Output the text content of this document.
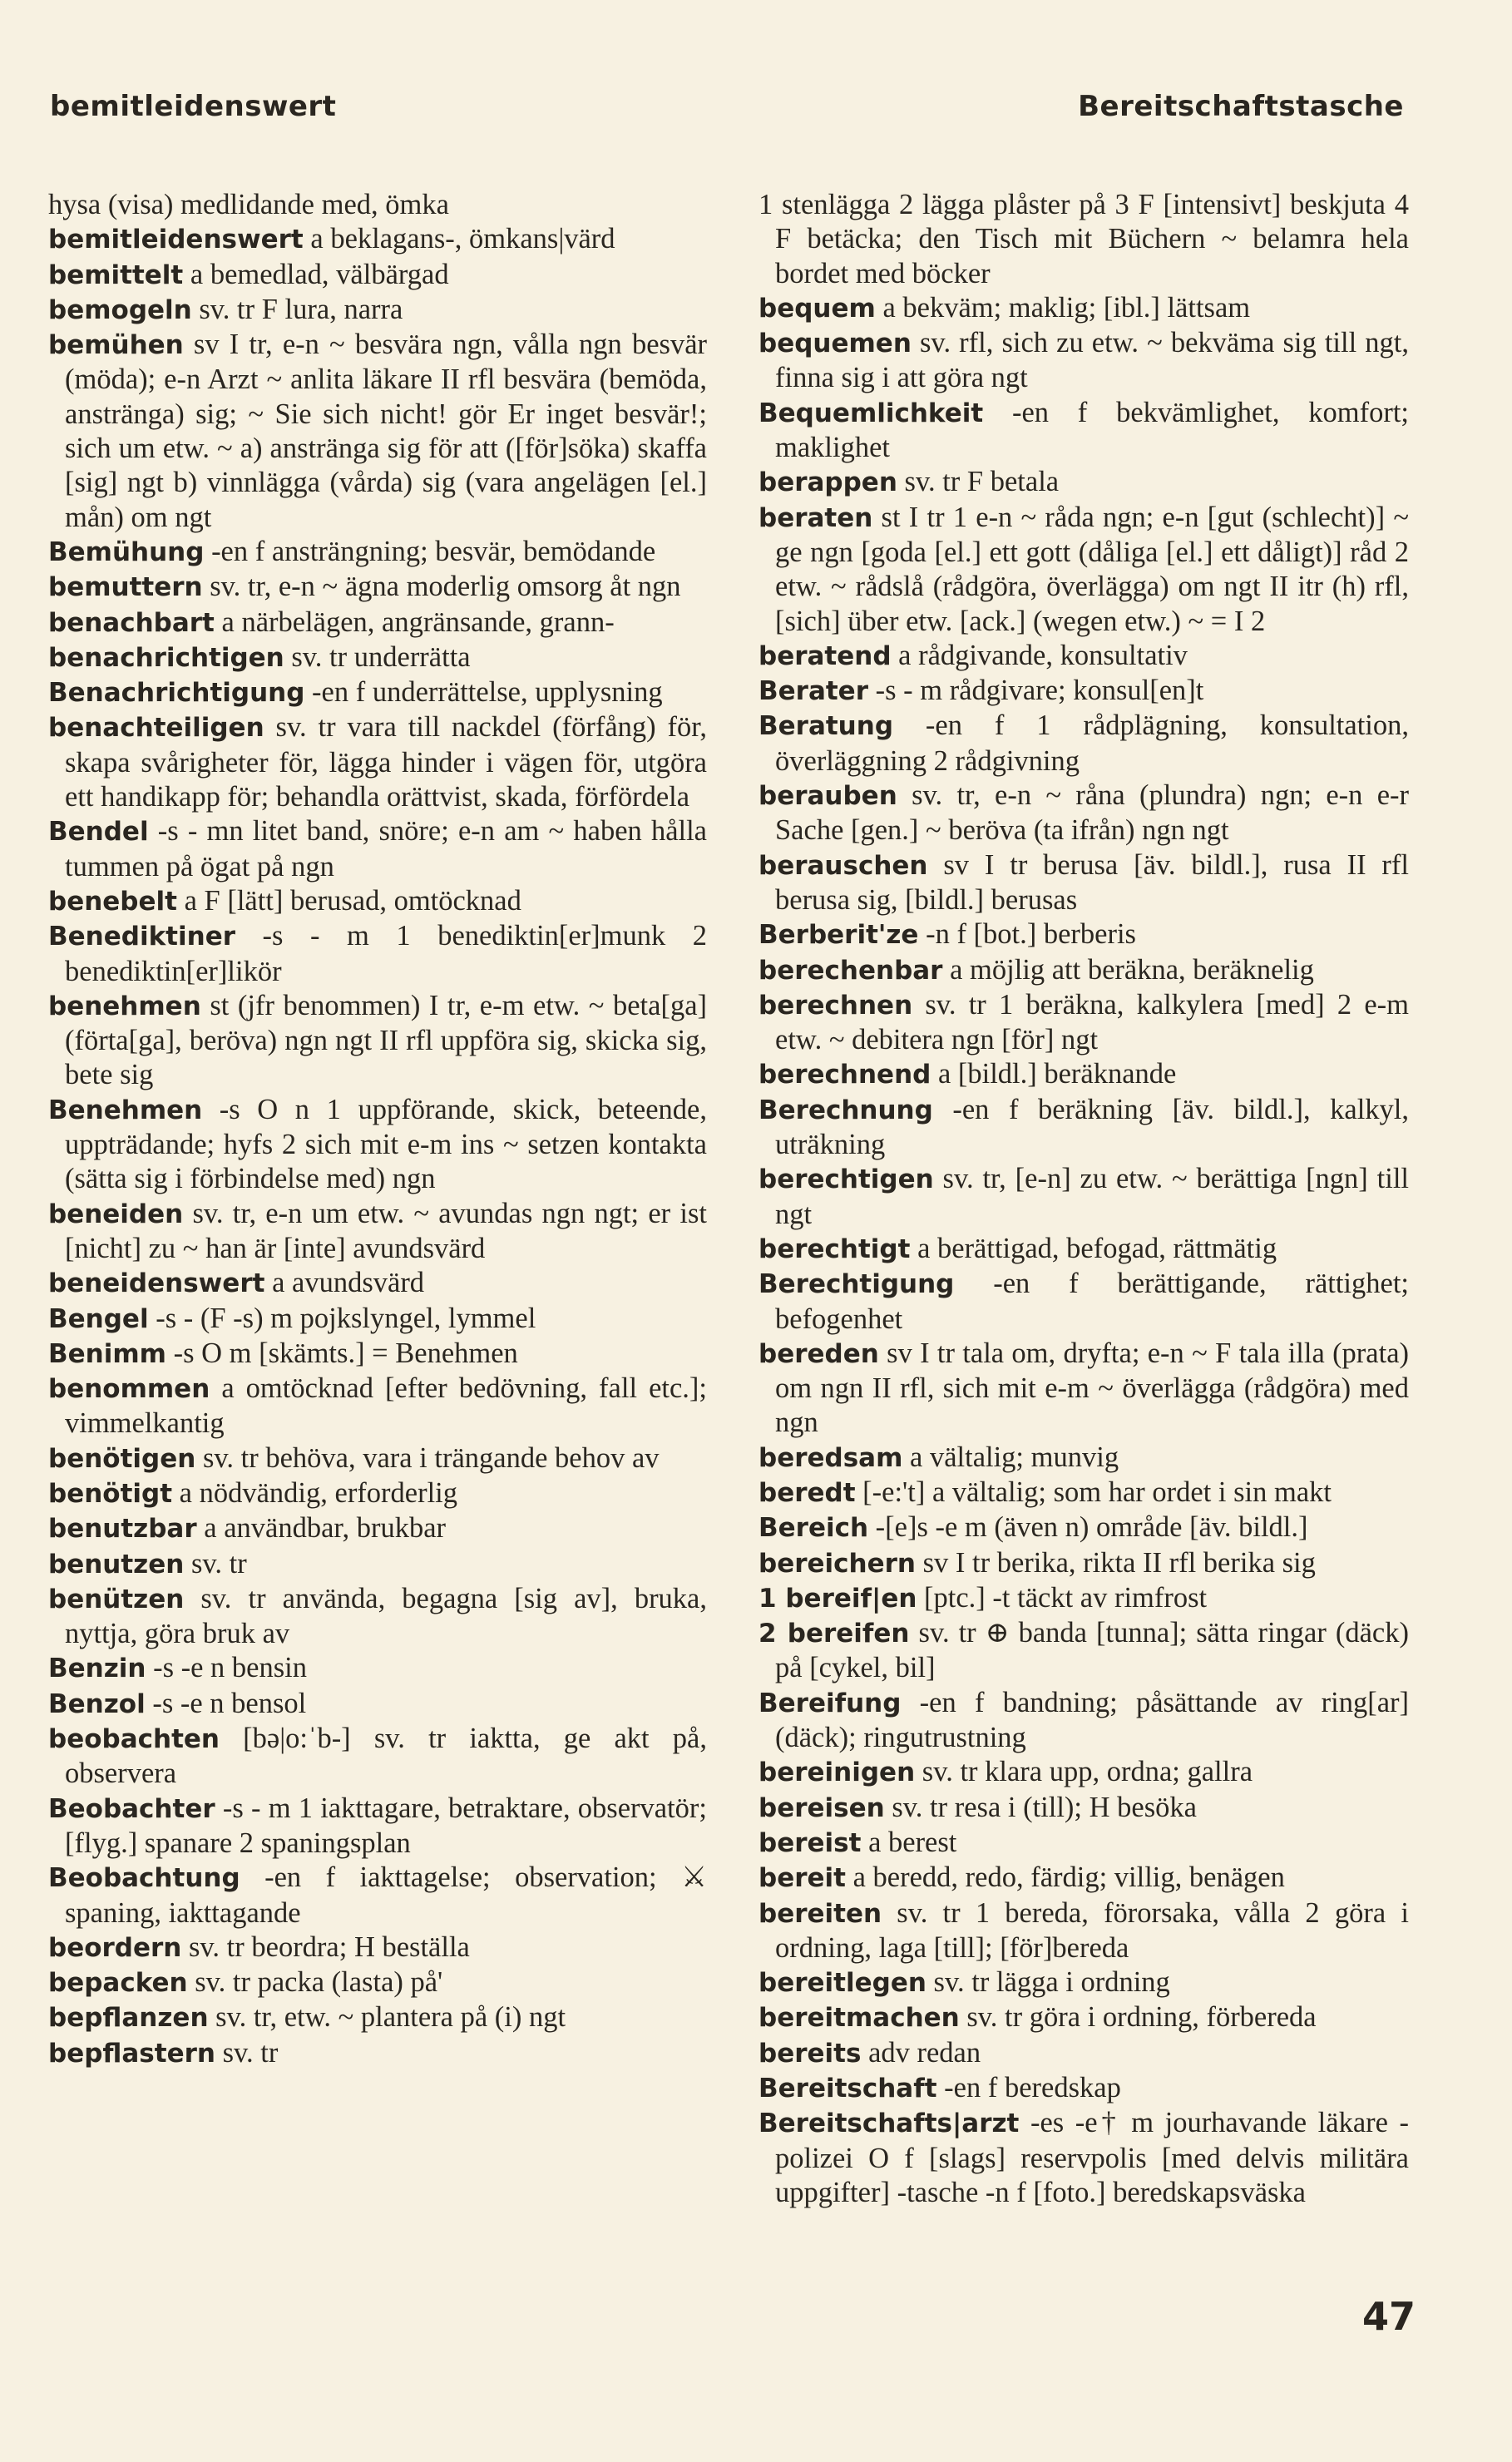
bemitleidenswert	Bereitschaftstasche

hysa (visa) medlidande med, ömka

bemitleidenswert a beklagans-, ömkans|värd

bemittelt a bemedlad, välbärgad

bemogeln sv. tr F lura, narra

bemühen sv I tr, e-n ~ besvära ngn, vålla ngn besvär (möda); e-n Arzt ~ anlita läkare II rfl besvära (bemöda, anstränga) sig; ~ Sie sich nicht! gör Er inget besvär!; sich um etw. ~ a) anstränga sig för att ([för]söka) skaffa [sig] ngt b) vinnlägga (vårda) sig (vara angelägen [el.] mån) om ngt

Bemühung -en f ansträngning; besvär, bemödande

bemuttern sv. tr, e-n ~ ägna moderlig omsorg åt ngn

benachbart a närbelägen, angränsande, grann-

benachrichtigen sv. tr underrätta

Benachrichtigung -en f underrättelse, upplysning

benachteiligen sv. tr vara till nackdel (förfång) för, skapa svårigheter för, lägga hinder i vägen för, utgöra ett handikapp för; behandla orättvist, skada, förfördela

Bendel -s - mn litet band, snöre; e-n am ~ haben hålla tummen på ögat på ngn

benebelt a F [lätt] berusad, omtöcknad

Benediktiner -s - m 1 benediktin[er]munk 2 benediktin[er]likör

benehmen st (jfr benommen) I tr, e-m etw. ~ beta[ga] (förta[ga], beröva) ngn ngt II rfl uppföra sig, skicka sig, bete sig

Benehmen -s O n 1 uppförande, skick, beteende, uppträdande; hyfs 2 sich mit e-m ins ~ setzen kontakta (sätta sig i förbindelse med) ngn

beneiden sv. tr, e-n um etw. ~ avundas ngn ngt; er ist [nicht] zu ~ han är [inte] avundsvärd

beneidenswert a avundsvärd

Bengel -s - (F -s) m pojkslyngel, lymmel

Benimm -s O m [skämts.] = Benehmen

benommen a omtöcknad [efter bedövning, fall etc.]; vimmelkantig

benötigen sv. tr behöva, vara i trängande behov av

benötigt a nödvändig, erforderlig

benutzbar a användbar, brukbar

benutzen sv. tr

benützen sv. tr använda, begagna [sig av], bruka, nyttja, göra bruk av

Benzin -s -e n bensin

Benzol -s -e n bensol

beobachten [bə|o:ˈb-] sv. tr iaktta, ge akt på, observera

Beobachter -s - m 1 iakttagare, betraktare, observatör; [flyg.] spanare 2 spaningsplan

Beobachtung -en f iakttagelse; observation; ⚔ spaning, iakttagande

beordern sv. tr beordra; H beställa

bepacken sv. tr packa (lasta) på'

bepflanzen sv. tr, etw. ~ plantera på (i) ngt

bepflastern sv. tr

1 stenlägga 2 lägga plåster på 3 F [intensivt] beskjuta 4 F betäcka; den Tisch mit Büchern ~ belamra hela bordet med böcker

bequem a bekväm; maklig; [ibl.] lättsam

bequemen sv. rfl, sich zu etw. ~ bekväma sig till ngt, finna sig i att göra ngt

Bequemlichkeit -en f bekvämlighet, komfort; maklighet

berappen sv. tr F betala

beraten st I tr 1 e-n ~ råda ngn; e-n [gut (schlecht)] ~ ge ngn [goda [el.] ett gott (dåliga [el.] ett dåligt)] råd 2 etw. ~ rådslå (rådgöra, överlägga) om ngt II itr (h) rfl, [sich] über etw. [ack.] (wegen etw.) ~ = I 2

beratend a rådgivande, konsultativ

Berater -s - m rådgivare; konsul[en]t

Beratung -en f 1 rådplägning, konsultation, överläggning 2 rådgivning

berauben sv. tr, e-n ~ råna (plundra) ngn; e-n e-r Sache [gen.] ~ beröva (ta ifrån) ngn ngt

berauschen sv I tr berusa [äv. bildl.], rusa II rfl berusa sig, [bildl.] berusas

Berberit'ze -n f [bot.] berberis

berechenbar a möjlig att beräkna, beräknelig

berechnen sv. tr 1 beräkna, kalkylera [med] 2 e-m etw. ~ debitera ngn [för] ngt

berechnend a [bildl.] beräknande

Berechnung -en f beräkning [äv. bildl.], kalkyl, uträkning

berechtigen sv. tr, [e-n] zu etw. ~ berättiga [ngn] till ngt

berechtigt a berättigad, befogad, rättmätig

Berechtigung -en f berättigande, rättighet; befogenhet

bereden sv I tr tala om, dryfta; e-n ~ F tala illa (prata) om ngn II rfl, sich mit e-m ~ överlägga (rådgöra) med ngn

beredsam a vältalig; munvig

beredt [-e:'t] a vältalig; som har ordet i sin makt

Bereich -[e]s -e m (även n) område [äv. bildl.]

bereichern sv I tr berika, rikta II rfl berika sig

1 bereif|en [ptc.] -t täckt av rimfrost

2 bereifen sv. tr ⊕ banda [tunna]; sätta ringar (däck) på [cykel, bil]

Bereifung -en f bandning; påsättande av ring[ar] (däck); ringutrustning

bereinigen sv. tr klara upp, ordna; gallra

bereisen sv. tr resa i (till); H besöka

bereist a berest

bereit a beredd, redo, färdig; villig, benägen

bereiten sv. tr 1 bereda, förorsaka, vålla 2 göra i ordning, laga [till]; [för]bereda

bereitlegen sv. tr lägga i ordning

bereitmachen sv. tr göra i ordning, förbereda

bereits adv redan

Bereitschaft -en f beredskap

Bereitschafts|arzt -es -e† m jourhavande läkare -polizei O f [slags] reservpolis [med delvis militära uppgifter] -tasche -n f [foto.] beredskapsväska

47
